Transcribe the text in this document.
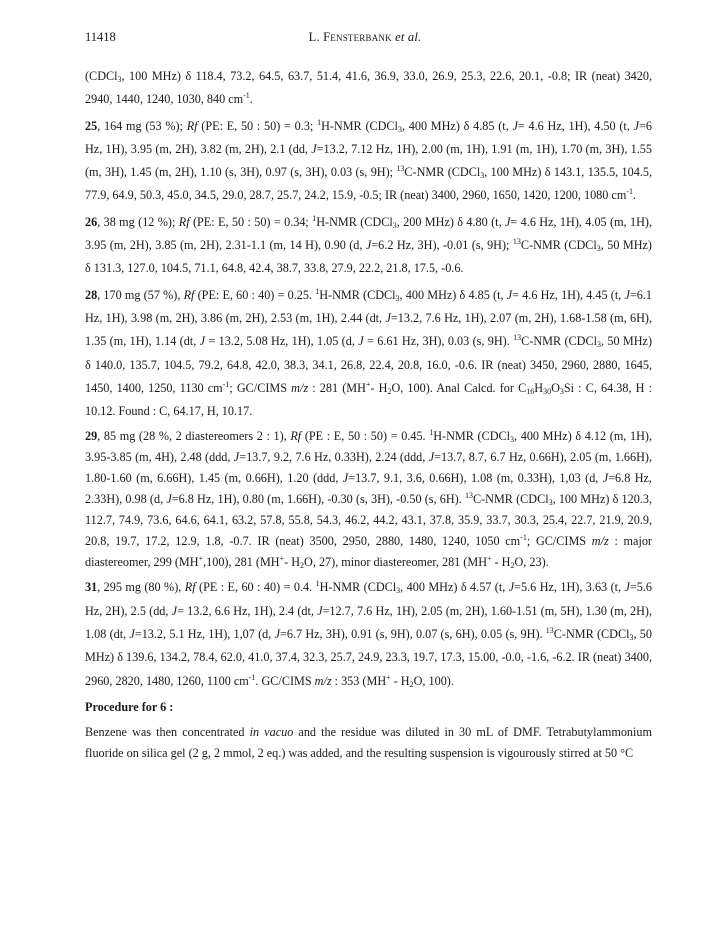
11418	L. Fensterbank et al.

(CDCl$_3$, 100 MHz) δ 118.4, 73.2, 64.5, 63.7, 51.4, 41.6, 36.9, 33.0, 26.9, 25.3, 22.6, 20.1, -0.8; IR (neat) 3420, 2940, 1440, 1240, 1030, 840 $cm^{-1}$.

25, 164 mg (53 %); Rf (PE: E, 50 : 50) = 0.3; $^1$H-NMR (CDCl$_3$, 400 MHz) δ 4.85 (t, J= 4.6 Hz, 1H), 4.50 (t, J=6 Hz, 1H), 3.95 (m, 2H), 3.82 (m, 2H), 2.1 (dd, J=13.2, 7.12 Hz, 1H), 2.00 (m, 1H), 1.91 (m, 1H), 1.70 (m, 3H), 1.55 (m, 3H), 1.45 (m, 2H), 1.10 (s, 3H), 0.97 (s, 3H), 0.03 (s, 9H); $^{13}$C-NMR (CDCl$_3$, 100 MHz) δ 143.1, 135.5, 104.5, 77.9, 64.9, 50.3, 45.0, 34.5, 29.0, 28.7, 25.7, 24.2, 15.9, -0.5; IR (neat) 3400, 2960, 1650, 1420, 1200, 1080 $cm^{-1}$.

26, 38 mg (12 %); Rf (PE: E, 50 : 50) = 0.34; $^1$H-NMR (CDCl$_3$, 200 MHz) δ 4.80 (t, J= 4.6 Hz, 1H), 4.05 (m, 1H), 3.95 (m, 2H), 3.85 (m, 2H), 2.31-1.1 (m, 14 H), 0.90 (d, J=6.2 Hz, 3H), -0.01 (s, 9H); $^{13}$C-NMR (CDCl$_3$, 50 MHz) δ 131.3, 127.0, 104.5, 71.1, 64.8, 42.4, 38.7, 33.8, 27.9, 22.2, 21.8, 17.5, -0.6.

28, 170 mg (57 %), Rf (PE: E, 60 : 40) = 0.25. $^1$H-NMR (CDCl$_3$, 400 MHz) δ 4.85 (t, J= 4.6 Hz, 1H), 4.45 (t, J=6.1 Hz, 1H), 3.98 (m, 2H), 3.86 (m, 2H), 2.53 (m, 1H), 2.44 (dt, J=13.2, 7.6 Hz, 1H), 2.07 (m, 2H), 1.68-1.58 (m, 6H), 1.35 (m, 1H), 1.14 (dt, J = 13.2, 5.08 Hz, 1H), 1.05 (d, J = 6.61 Hz, 3H), 0.03 (s, 9H). $^{13}$C-NMR (CDCl$_3$, 50 MHz) δ 140.0, 135.7, 104.5, 79.2, 64.8, 42.0, 38.3, 34.1, 26.8, 22.4, 20.8, 16.0, -0.6. IR (neat) 3450, 2960, 2880, 1645, 1450, 1400, 1250, 1130 $cm^{-1}$; GC/CIMS m/z : 281 (MH+- $H_2O$, 100). Anal Calcd. for $C_{16}H_{30}O_3Si$ : C, 64.38, H : 10.12. Found : C, 64.17, H, 10.17.

29, 85 mg (28 %, 2 diastereomers 2 : 1), Rf (PE : E, 50 : 50) = 0.45. $^1$H-NMR (CDCl$_3$, 400 MHz) δ 4.12 (m, 1H), 3.95-3.85 (m, 4H), 2.48 (ddd, J=13.7, 9.2, 7.6 Hz, 0.33H), 2.24 (ddd, J=13.7, 8.7, 6.7 Hz, 0.66H), 2.05 (m, 1.66H), 1.80-1.60 (m, 6.66H), 1.45 (m, 0.66H), 1.20 (ddd, J=13.7, 9.1, 3.6, 0.66H), 1.08 (m, 0.33H), 1,03 (d, J=6.8 Hz, 2.33H), 0.98 (d, J=6.8 Hz, 1H), 0.80 (m, 1.66H), -0.30 (s, 3H), -0.50 (s, 6H). $^{13}$C-NMR (CDCl$_3$, 100 MHz) δ 120.3, 112.7, 74.9, 73.6, 64.6, 64.1, 63.2, 57.8, 55.8, 54.3, 46.2, 44.2, 43.1, 37.8, 35.9, 33.7, 30.3, 25.4, 22.7, 21.9, 20.9, 20.8, 19.7, 17.2, 12.9, 1.8, -0.7. IR (neat) 3500, 2950, 2880, 1480, 1240, 1050 $cm^{-1}$; GC/CIMS m/z : major diastereomer, 299 (MH+,100), 281 (MH+- $H_2O$, 27), minor diastereomer, 281 ($MH^+ - H_2O$, 23).

31, 295 mg (80 %), Rf (PE : E, 60 : 40) = 0.4. $^1$H-NMR (CDCl$_3$, 400 MHz) δ 4.57 (t, J=5.6 Hz, 1H), 3.63 (t, J=5.6 Hz, 2H), 2.5 (dd, J= 13.2, 6.6 Hz, 1H), 2.4 (dt, J=12.7, 7.6 Hz, 1H), 2.05 (m, 2H), 1.60-1.51 (m, 5H), 1.30 (m, 2H), 1.08 (dt, J=13.2, 5.1 Hz, 1H), 1,07 (d, J=6.7 Hz, 3H), 0.91 (s, 9H), 0.07 (s, 6H), 0.05 (s, 9H). $^{13}$C-NMR (CDCl$_3$, 50 MHz) δ 139.6, 134.2, 78.4, 62.0, 41.0, 37.4, 32.3, 25.7, 24.9, 23.3, 19.7, 17.3, 15.00, -0.0, -1.6, -6.2. IR (neat) 3400, 2960, 2820, 1480, 1260, 1100 $cm^{-1}$. GC/CIMS m/z : 353 ($MH^+ - H_2O$, 100).

Procedure for 6 :

Benzene was then concentrated in vacuo and the residue was diluted in 30 mL of DMF. Tetrabutylammonium fluoride on silica gel (2 g, 2 mmol, 2 eq.) was added, and the resulting suspension is vigourously stirred at 50 °C
